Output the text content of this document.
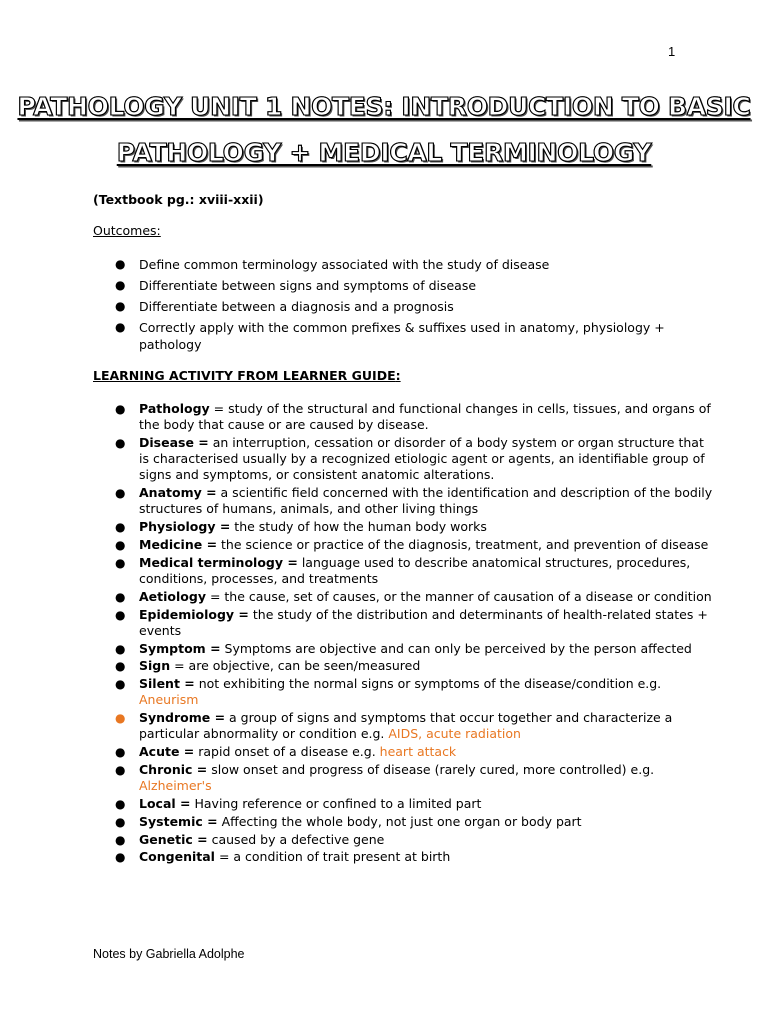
1
PATHOLOGY UNIT 1 NOTES: INTRODUCTION TO BASIC PATHOLOGY + MEDICAL TERMINOLOGY
(Textbook pg.: xviii-xxii)
Outcomes:
● Define common terminology associated with the study of disease
● Differentiate between signs and symptoms of disease
● Differentiate between a diagnosis and a prognosis
● Correctly apply with the common prefixes & suffixes used in anatomy, physiology + pathology
LEARNING ACTIVITY FROM LEARNER GUIDE:
● Pathology = study of the structural and functional changes in cells, tissues, and organs of the body that cause or are caused by disease.
● Disease = an interruption, cessation or disorder of a body system or organ structure that is characterised usually by a recognized etiologic agent or agents, an identifiable group of signs and symptoms, or consistent anatomic alterations.
● Anatomy = a scientific field concerned with the identification and description of the bodily structures of humans, animals, and other living things
● Physiology = the study of how the human body works
● Medicine = the science or practice of the diagnosis, treatment, and prevention of disease
● Medical terminology = language used to describe anatomical structures, procedures, conditions, processes, and treatments
● Aetiology = the cause, set of causes, or the manner of causation of a disease or condition
● Epidemiology = the study of the distribution and determinants of health-related states + events
● Symptom = Symptoms are objective and can only be perceived by the person affected
● Sign = are objective, can be seen/measured
● Silent = not exhibiting the normal signs or symptoms of the disease/condition e.g. Aneurism
● Syndrome = a group of signs and symptoms that occur together and characterize a particular abnormality or condition e.g. AIDS, acute radiation
● Acute = rapid onset of a disease e.g. heart attack
● Chronic = slow onset and progress of disease (rarely cured, more controlled) e.g. Alzheimer's
● Local = Having reference or confined to a limited part
● Systemic = Affecting the whole body, not just one organ or body part
● Genetic = caused by a defective gene
● Congenital = a condition of trait present at birth
Notes by Gabriella Adolphe
